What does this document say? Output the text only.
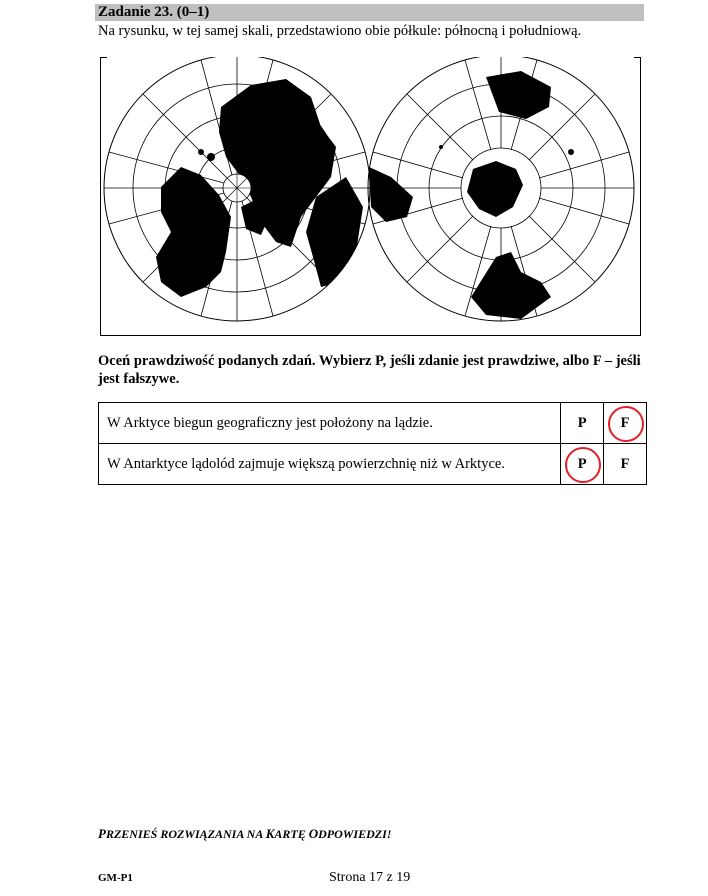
Zadanie 23. (0–1)
Na rysunku, w tej samej skali, przedstawiono obie półkule: północną i południową.
Oceń prawdziwość podanych zdań. Wybierz P, jeśli zdanie jest prawdziwe, albo F – jeśli jest fałszywe.
W Arktyce biegun geograficzny jest położony na lądzie.	P	F

W Antarktyce lądolód zajmuje większą powierzchnię niż w Arktyce.	P	F
PRZENIEŚ ROZWIĄZANIA NA KARTĘ ODPOWIEDZI!
GM-P1	Strona 17 z 19
